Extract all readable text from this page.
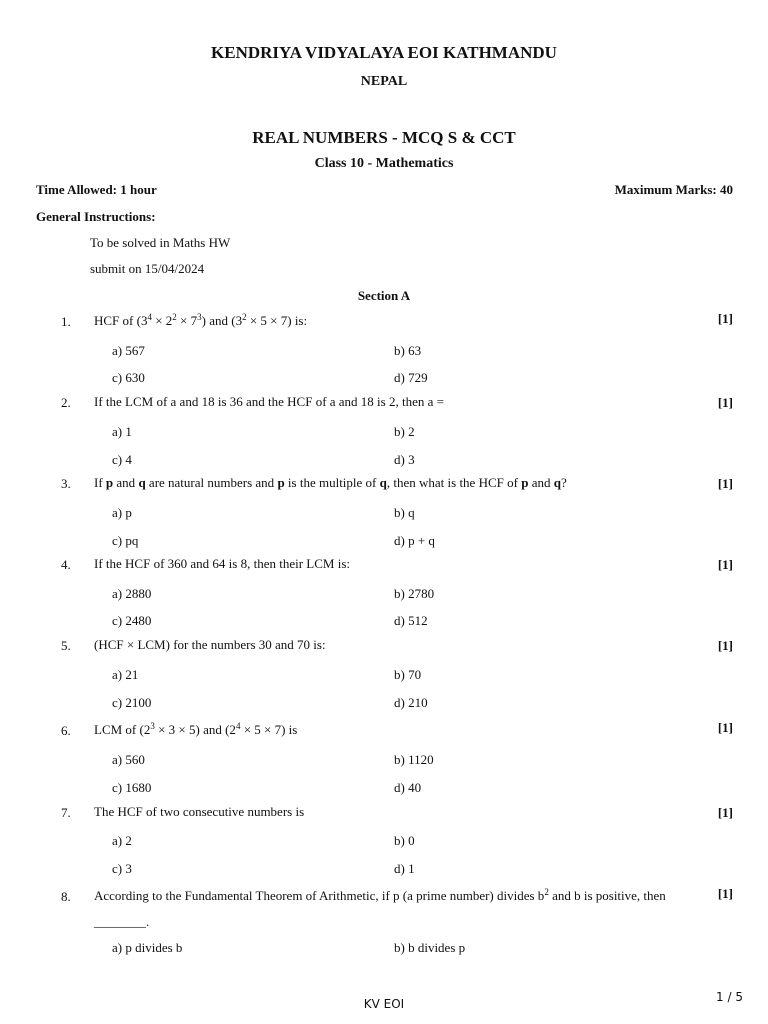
KENDRIYA VIDYALAYA EOI KATHMANDU
NEPAL
REAL NUMBERS - MCQ S & CCT
Class 10 - Mathematics
Time Allowed: 1 hour	Maximum Marks: 40
General Instructions:
To be solved in Maths HW
submit on 15/04/2024
Section A
1. HCF of $(3^4 \times 2^2 \times 7^3)$ and $(3^2 \times 5 \times 7)$ is:	[1]
a) 567	b) 63
c) 630	d) 729
2. If the LCM of a and 18 is 36 and the HCF of a and 18 is 2, then a =	[1]
a) 1	b) 2
c) 4	d) 3
3. If p and q are natural numbers and p is the multiple of q, then what is the HCF of p and q?	[1]
a) p	b) q
c) pq	d) p + q
4. If the HCF of 360 and 64 is 8, then their LCM is:	[1]
a) 2880	b) 2780
c) 2480	d) 512
5. (HCF × LCM) for the numbers 30 and 70 is:	[1]
a) 21	b) 70
c) 2100	d) 210
6. LCM of $(2^3 \times 3 \times 5)$ and $(2^4 \times 5 \times 7)$ is	[1]
a) 560	b) 1120
c) 1680	d) 40
7. The HCF of two consecutive numbers is	[1]
a) 2	b) 0
c) 3	d) 1
8. According to the Fundamental Theorem of Arithmetic, if p (a prime number) divides $b^2$ and b is positive, then
________.
[1]
a) p divides b	b) b divides p
KV EOI	1 / 5
